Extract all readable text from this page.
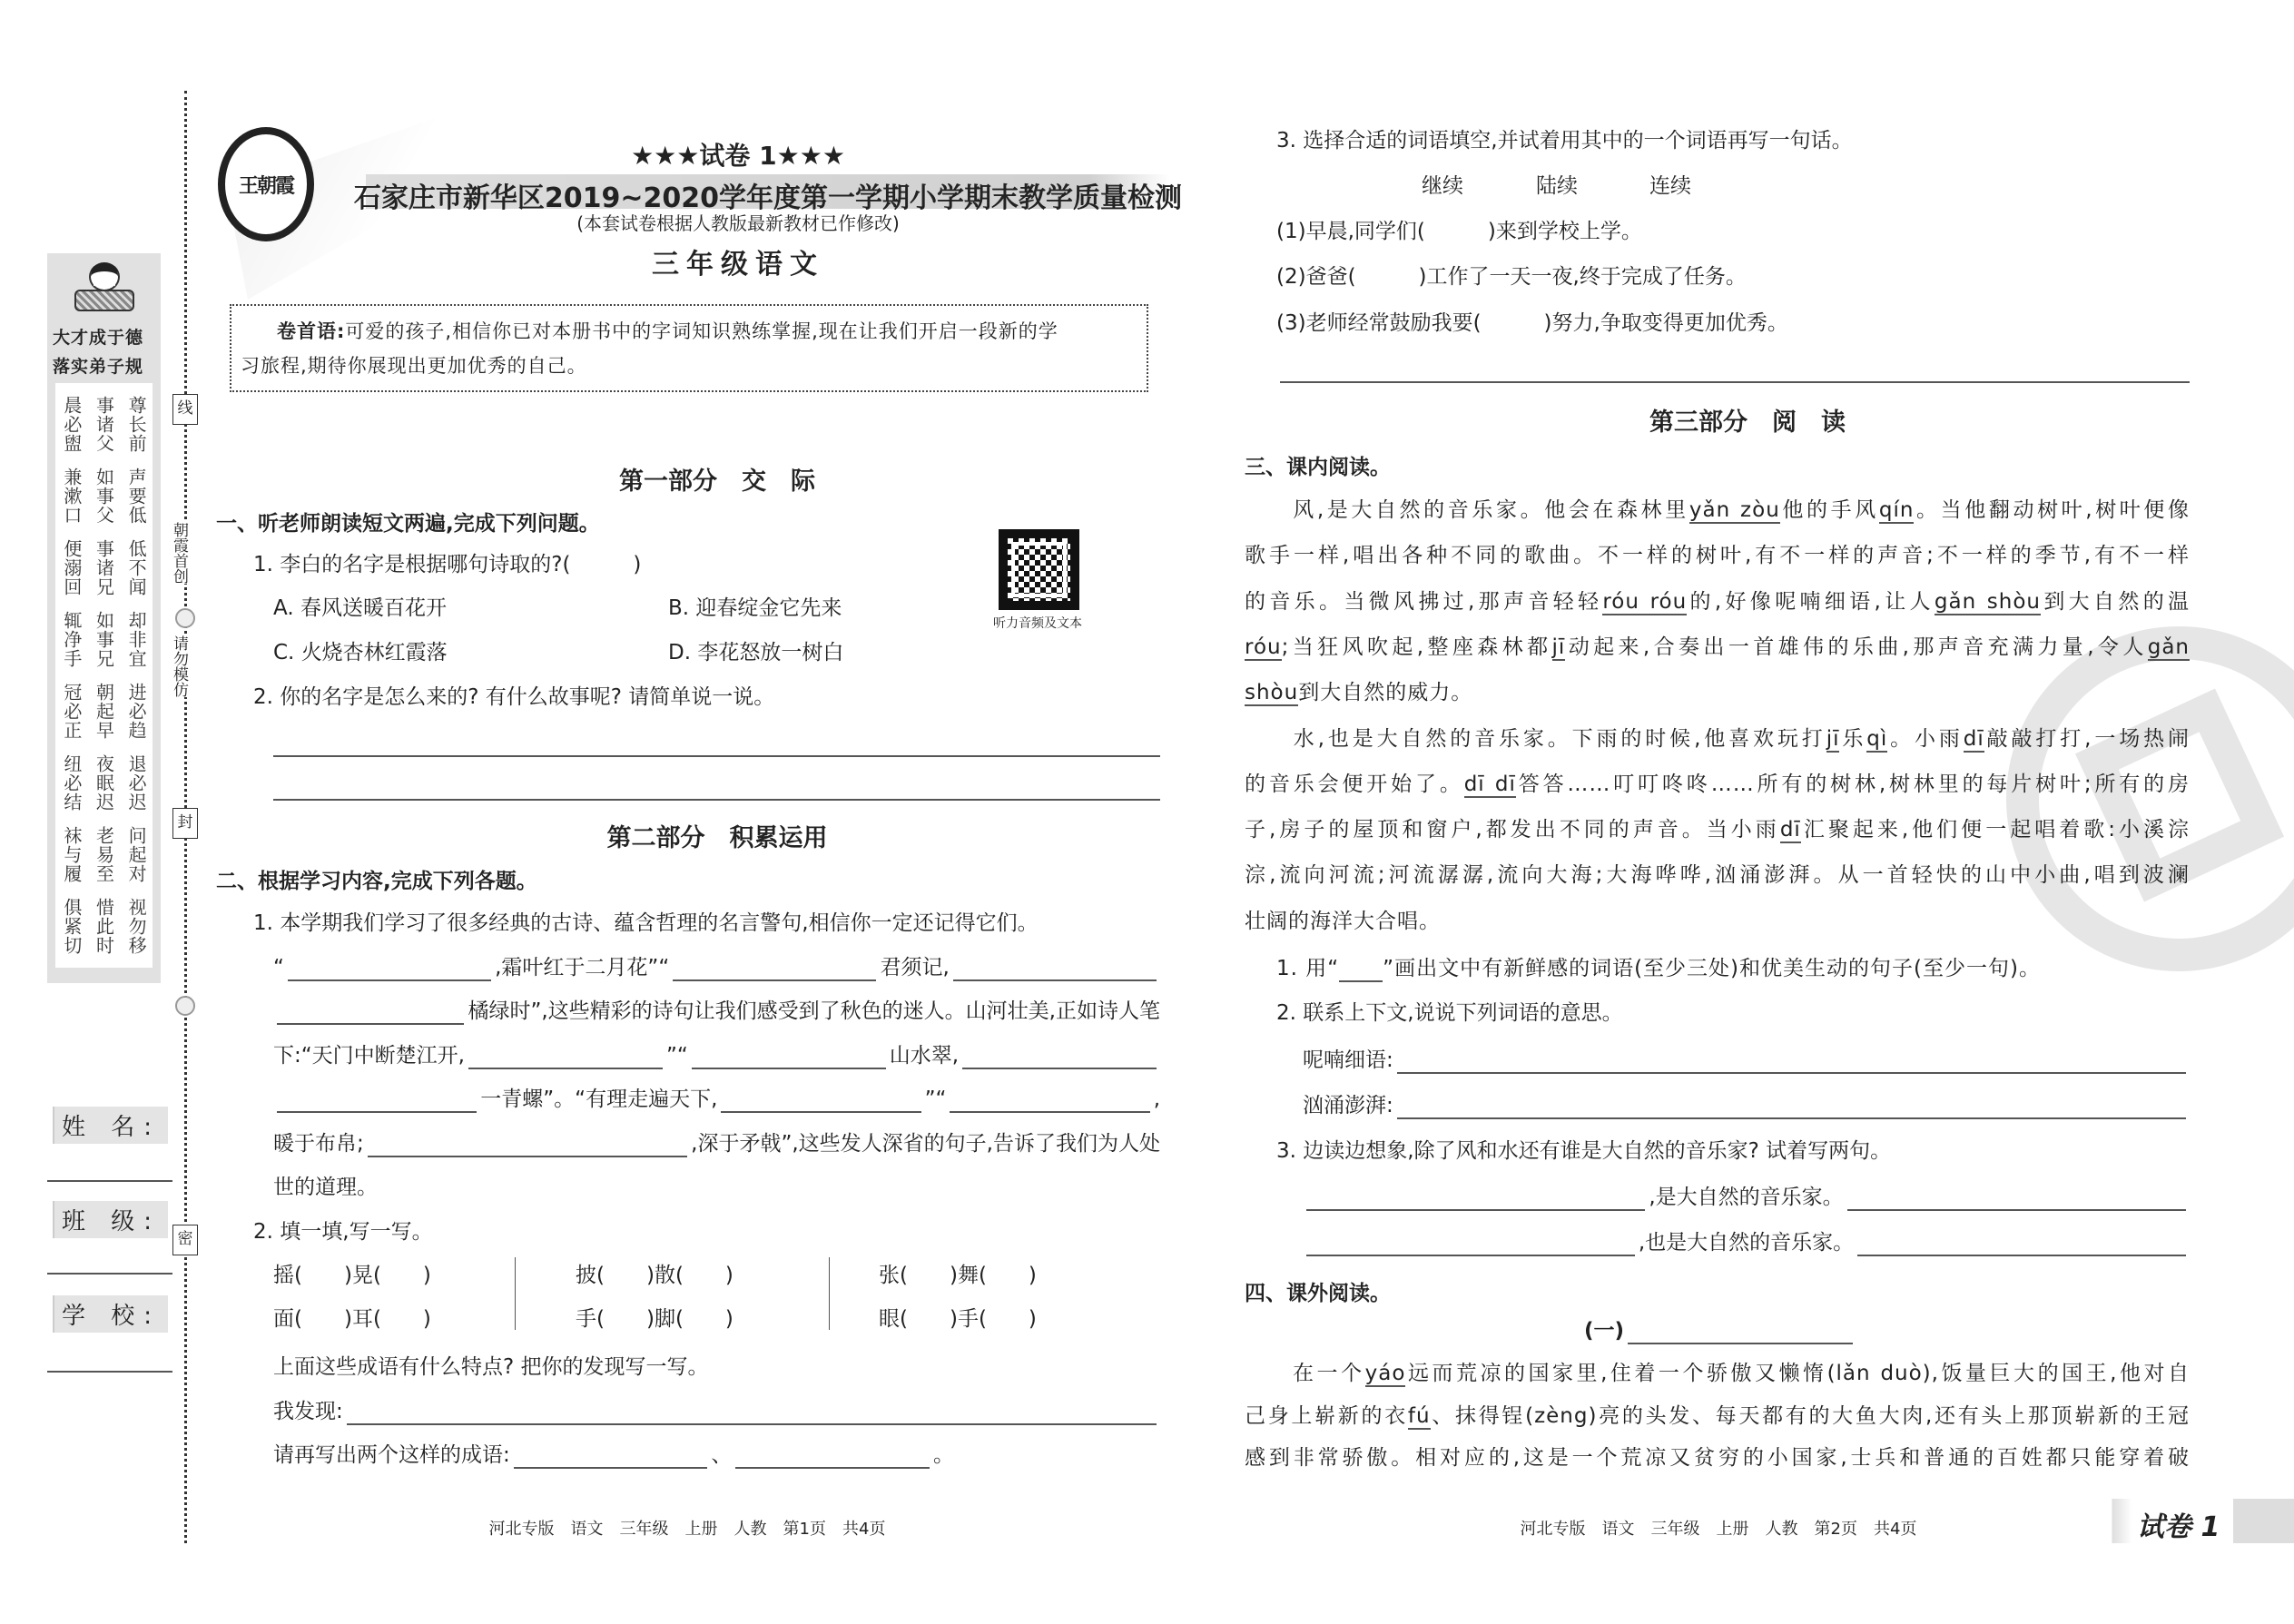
线
朝霞首创
请勿模仿
封
密
大才成于德
落实弟子规
晨必盥 事诸父 尊长前
兼漱口 如事父 声要低
便溺回 事诸兄 低不闻
辄净手 如事兄 却非宜
冠必正 朝起早 进必趋
纽必结 夜眠迟 退必迟
袜与履 老易至 问起对
俱紧切 惜此时 视勿移
姓 名:
班 级:
学 校:
王朝霞
★★★试卷 1★★★
石家庄市新华区2019~2020学年度第一学期小学期末教学质量检测
(本套试卷根据人教版最新教材已作修改)
三年级语文
卷首语:可爱的孩子,相信你已对本册书中的字词知识熟练掌握,现在让我们开启一段新的学
习旅程,期待你展现出更加优秀的自己。
第一部分　交　际
一、听老师朗读短文两遍,完成下列问题。
1. 李白的名字是根据哪句诗取的?(　　　)
A. 春风送暖百花开	B. 迎春绽金它先来
C. 火烧杏林红霞落	D. 李花怒放一树白
2. 你的名字是怎么来的? 有什么故事呢? 请简单说一说。
听力音频及文本
第二部分　积累运用
二、根据学习内容,完成下列各题。
1. 本学期我们学习了很多经典的古诗、蕴含哲理的名言警句,相信你一定还记得它们。
“	,霜叶红于二月花”“	君须记,
橘绿时”,这些精彩的诗句让我们感受到了秋色的迷人。山河壮美,正如诗人笔
下:“天门中断楚江开,	”“	山水翠,
一青螺”。“有理走遍天下,	”“	,
暖于布帛;	,深于矛戟”,这些发人深省的句子,告诉了我们为人处
世的道理。
2. 填一填,写一写。
摇(　　)晃(　　)	披(　　)散(　　)	张(　　)舞(　　)
面(　　)耳(　　)	手(　　)脚(　　)	眼(　　)手(　　)
上面这些成语有什么特点? 把你的发现写一写。
我发现:
请再写出两个这样的成语:	、	。
河北专版　语文　三年级　上册　人教　第1页　共4页
3. 选择合适的词语填空,并试着用其中的一个词语再写一句话。
继续	陆续	连续
(1)早晨,同学们(　　　)来到学校上学。
(2)爸爸(　　　)工作了一天一夜,终于完成了任务。
(3)老师经常鼓励我要(　　　)努力,争取变得更加优秀。
第三部分　阅　读
三、课内阅读。
　　风,是大自然的音乐家。他会在森林里yǎn zòu他的手风qín。当他翻动树叶,树叶便像
歌手一样,唱出各种不同的歌曲。不一样的树叶,有不一样的声音;不一样的季节,有不一样
的音乐。当微风拂过,那声音轻轻róu róu的,好像呢喃细语,让人gǎn shòu到大自然的温
róu;当狂风吹起,整座森林都jī动起来,合奏出一首雄伟的乐曲,那声音充满力量,令人gǎn
shòu到大自然的威力。
　　水,也是大自然的音乐家。下雨的时候,他喜欢玩打jī乐qì。小雨dī敲敲打打,一场热闹
的音乐会便开始了。dī dī答答……叮叮咚咚……所有的树林,树林里的每片树叶;所有的房
子,房子的屋顶和窗户,都发出不同的声音。当小雨dī汇聚起来,他们便一起唱着歌:小溪淙
淙,流向河流;河流潺潺,流向大海;大海哗哗,汹涌澎湃。从一首轻快的山中小曲,唱到波澜
壮阔的海洋大合唱。
1. 用“　　 ”画出文中有新鲜感的词语(至少三处)和优美生动的句子(至少一句)。
2. 联系上下文,说说下列词语的意思。
呢喃细语:
汹涌澎湃:
3. 边读边想象,除了风和水还有谁是大自然的音乐家? 试着写两句。
,是大自然的音乐家。
,也是大自然的音乐家。
四、课外阅读。
(一)
　　在一个yáo远而荒凉的国家里,住着一个骄傲又懒惰(lǎn duò),饭量巨大的国王,他对自
己身上崭新的衣fú、抹得锃(zèng)亮的头发、每天都有的大鱼大肉,还有头上那顶崭新的王冠
感到非常骄傲。相对应的,这是一个荒凉又贫穷的小国家,士兵和普通的百姓都只能穿着破
河北专版　语文　三年级　上册　人教　第2页　共4页	试卷 1
